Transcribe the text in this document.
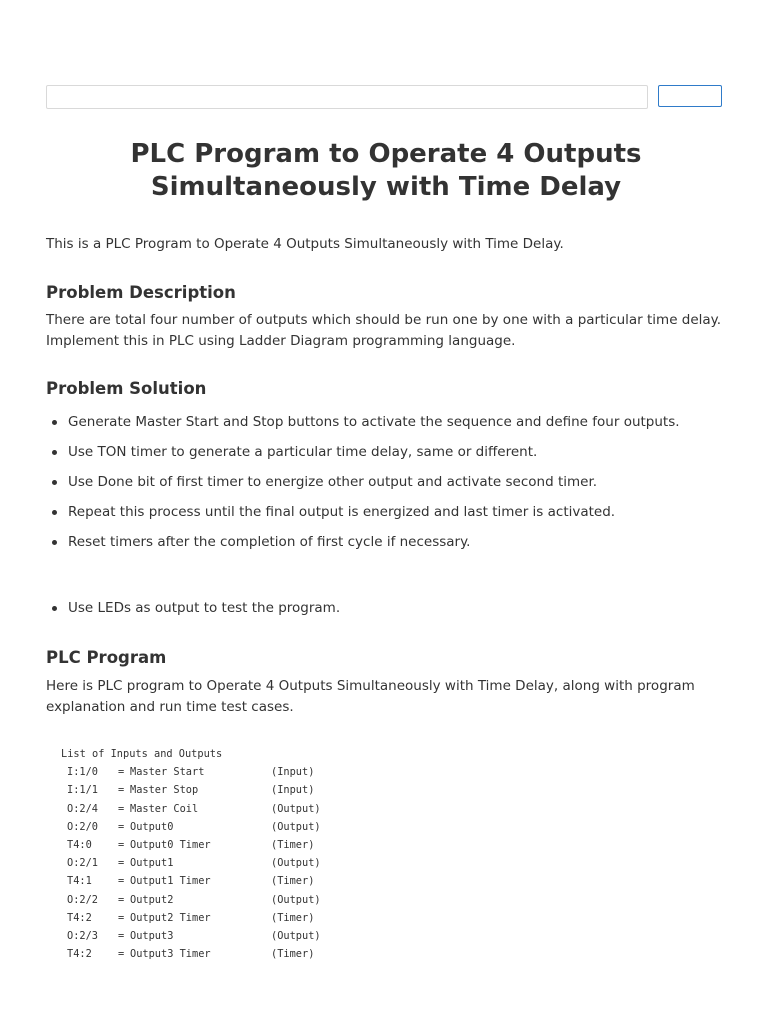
PLC Program to Operate 4 Outputs Simultaneously with Time Delay

This is a PLC Program to Operate 4 Outputs Simultaneously with Time Delay.

Problem Description

There are total four number of outputs which should be run one by one with a particular time delay. Implement this in PLC using Ladder Diagram programming language.

Problem Solution
Generate Master Start and Stop buttons to activate the sequence and define four outputs.
Use TON timer to generate a particular time delay, same or different.
Use Done bit of first timer to energize other output and activate second timer.
Repeat this process until the final output is energized and last timer is activated.
Reset timers after the completion of first cycle if necessary.
Use LEDs as output to test the program.
PLC Program

Here is PLC program to Operate 4 Outputs Simultaneously with Time Delay, along with program explanation and run time test cases.

List of Inputs and Outputs
I:1/0 = Master Start	(Input)
I:1/1 = Master Stop	(Input)
O:2/4 = Master Coil	(Output)
O:2/0 = Output0	(Output)
T4:0	= Output0 Timer	(Timer)
O:2/1 = Output1	(Output)
T4:1	= Output1 Timer	(Timer)
O:2/2 = Output2	(Output)
T4:2	= Output2 Timer	(Timer)
O:2/3 = Output3	(Output)
T4:2	= Output3 Timer	(Timer)
